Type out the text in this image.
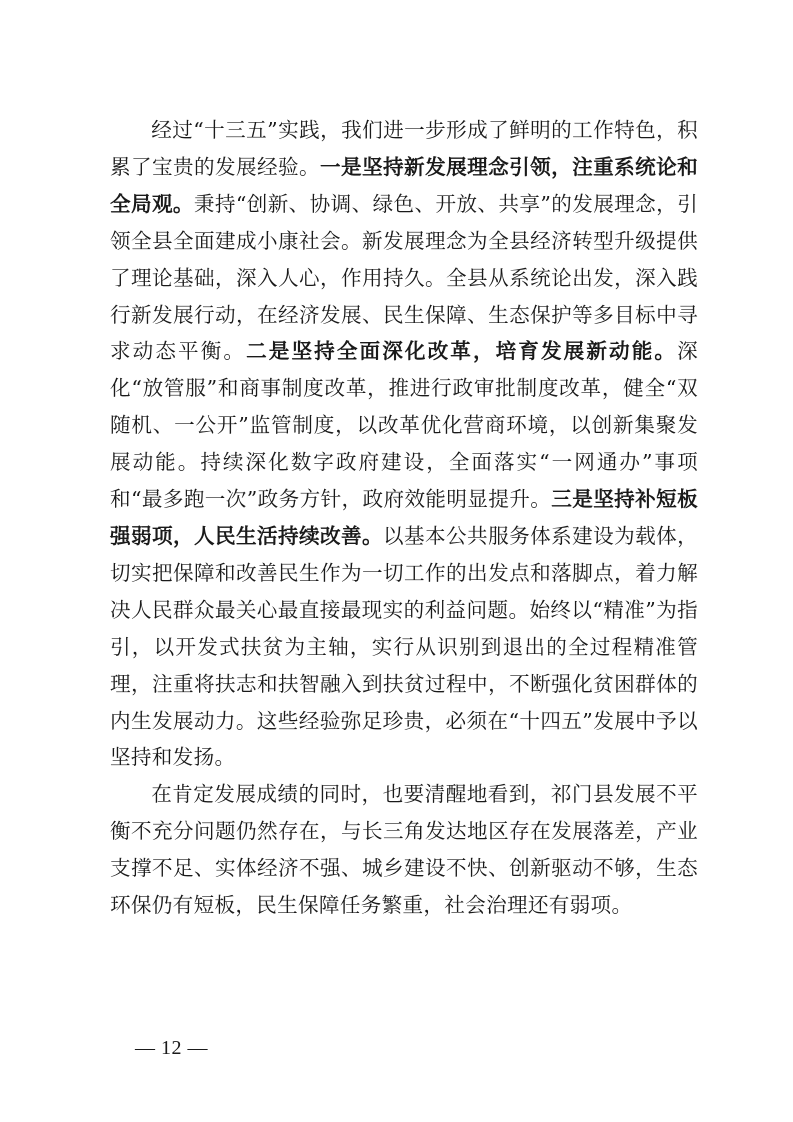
经过“十三五”实践，我们进一步形成了鲜明的工作特色，积累了宝贵的发展经验。一是坚持新发展理念引领，注重系统论和全局观。秉持“创新、协调、绿色、开放、共享”的发展理念，引领全县全面建成小康社会。新发展理念为全县经济转型升级提供了理论基础，深入人心，作用持久。全县从系统论出发，深入践行新发展行动，在经济发展、民生保障、生态保护等多目标中寻求动态平衡。二是坚持全面深化改革，培育发展新动能。深化“放管服”和商事制度改革，推进行政审批制度改革，健全“双随机、一公开”监管制度，以改革优化营商环境，以创新集聚发展动能。持续深化数字政府建设，全面落实“一网通办”事项和“最多跑一次”政务方针，政府效能明显提升。三是坚持补短板强弱项，人民生活持续改善。以基本公共服务体系建设为载体，切实把保障和改善民生作为一切工作的出发点和落脚点，着力解决人民群众最关心最直接最现实的利益问题。始终以“精准”为指引，以开发式扶贫为主轴，实行从识别到退出的全过程精准管理，注重将扶志和扶智融入到扶贫过程中，不断强化贫困群体的内生发展动力。这些经验弥足珍贵，必须在“十四五”发展中予以坚持和发扬。

在肯定发展成绩的同时，也要清醒地看到，祁门县发展不平衡不充分问题仍然存在，与长三角发达地区存在发展落差，产业支撑不足、实体经济不强、城乡建设不快、创新驱动不够，生态环保仍有短板，民生保障任务繁重，社会治理还有弱项。

— 12 —
